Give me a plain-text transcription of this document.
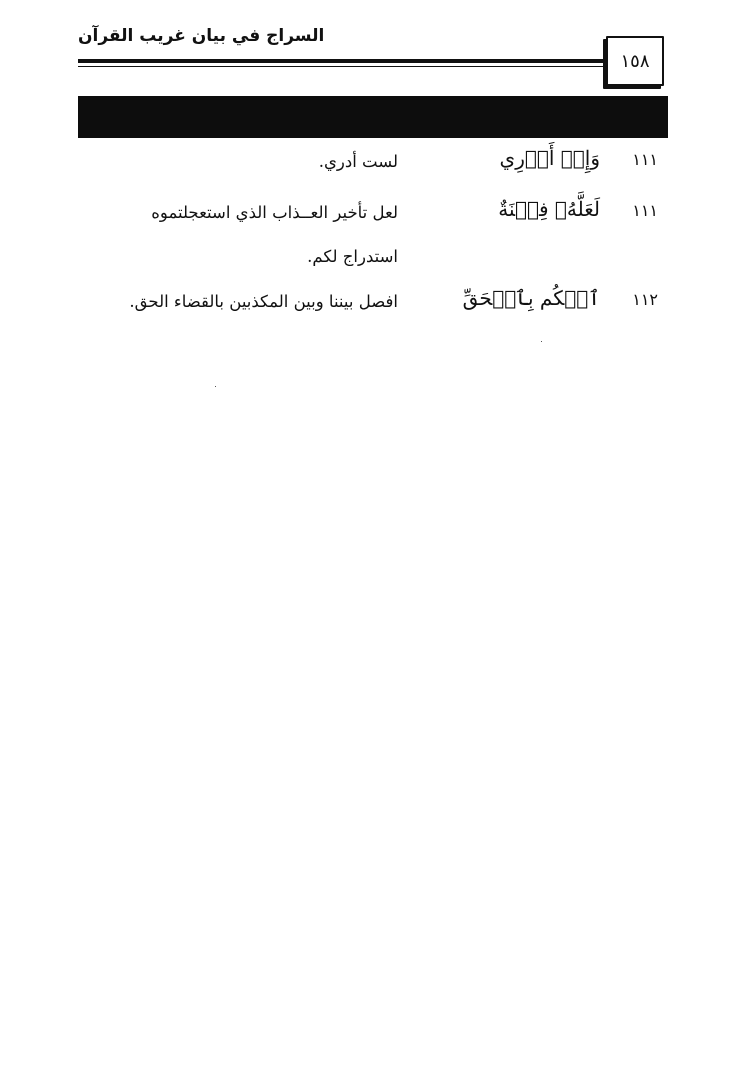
السراج في بيان غريب القرآن
١٥٨
١١١
وَإِنۡ أَدۡرِي
لست أدري.
١١١
لَعَلَّهُۥ فِتۡنَةٌ
لعل تأخير العــذاب الذي استعجلتموه
استدراج لكم.
١١٢
ٱحۡكُم بِٱلۡحَقِّ
افصل بيننا وبين المكذبين بالقضاء الحق.
